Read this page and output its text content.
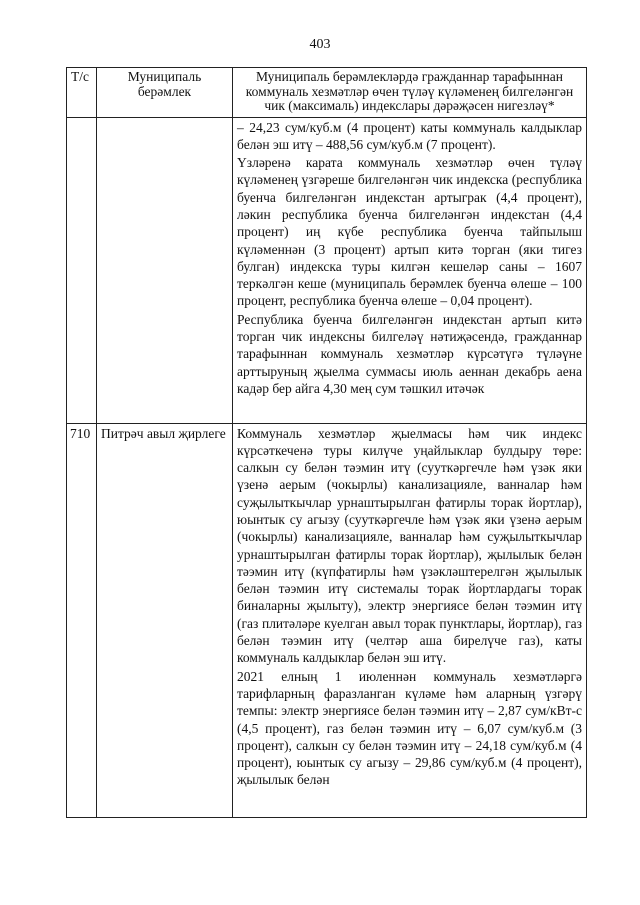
403
Т/с	Муниципаль берәмлек	Муниципаль берәмлекләрдә гражданнар тарафыннан коммуналь хезмәтләр өчен түләү күләменең билгеләнгән чик (максималь) индекслары дәрәҗәсен нигезләү*

		– 24,23 сум/куб.м (4 процент) каты коммуналь калдыклар белән эш итү – 488,56 сум/куб.м (7 процент).

Үзләренә карата коммуналь хезмәтләр өчен түләү күләменең үзгәреше билгеләнгән чик индекска (республика буенча билгеләнгән индекстан артыграк (4,4 процент), ләкин республика буенча билгеләнгән индекстан (4,4 процент) иң күбе республика буенча тайпылыш күләменнән (3 процент) артып китә торган (яки тигез булган) индекска туры килгән кешеләр саны – 1607 теркәлгән кеше (муниципаль берәмлек буенча өлеше – 100 процент, республика буенча өлеше – 0,04 процент).

Республика буенча билгеләнгән индекстан артып китә торган чик индексны билгеләү нәтиҗәсендә, гражданнар тарафыннан коммуналь хезмәтләр күрсәтүгә түләүне арттыруның җыелма суммасы июль аеннан декабрь аена кадәр бер айга 4,30 мең сум тәшкил итәчәк

710	Питрәч авыл җирлеге	Коммуналь хезмәтләр җыелмасы һәм чик индекс күрсәткеченә туры килүче уңайлыклар булдыру төре: салкын су белән тәэмин итү (сууткәргечле һәм үзәк яки үзенә аерым (чокырлы) канализацияле, ванналар һәм суҗылыткычлар урнаштырылган фатирлы торак йортлар), юынтык су агызу (сууткәргечле һәм үзәк яки үзенә аерым (чокырлы) канализацияле, ванналар һәм суҗылыткычлар урнаштырылган фатирлы торак йортлар), җылылык белән тәэмин итү (күпфатирлы һәм үзәкләштерелгән җылылык белән тәэмин итү системалы торак йортлардагы торак биналарны җылыту), электр энергиясе белән тәэмин итү (газ плитәләре куелган авыл торак пунктлары, йортлар), газ белән тәэмин итү (челтәр аша бирелүче газ), каты коммуналь калдыклар белән эш итү.

2021 елның 1 июленнән коммуналь хезмәтләргә тарифларның фаразланган күләме һәм аларның үзгәрү темпы: электр энергиясе белән тәэмин итү – 2,87 сум/кВт-с (4,5 процент), газ белән тәэмин итү – 6,07 сум/куб.м (3 процент), салкын су белән тәэмин итү – 24,18 сум/куб.м (4 процент), юынтык су агызу – 29,86 сум/куб.м (4 процент), җылылык белән
